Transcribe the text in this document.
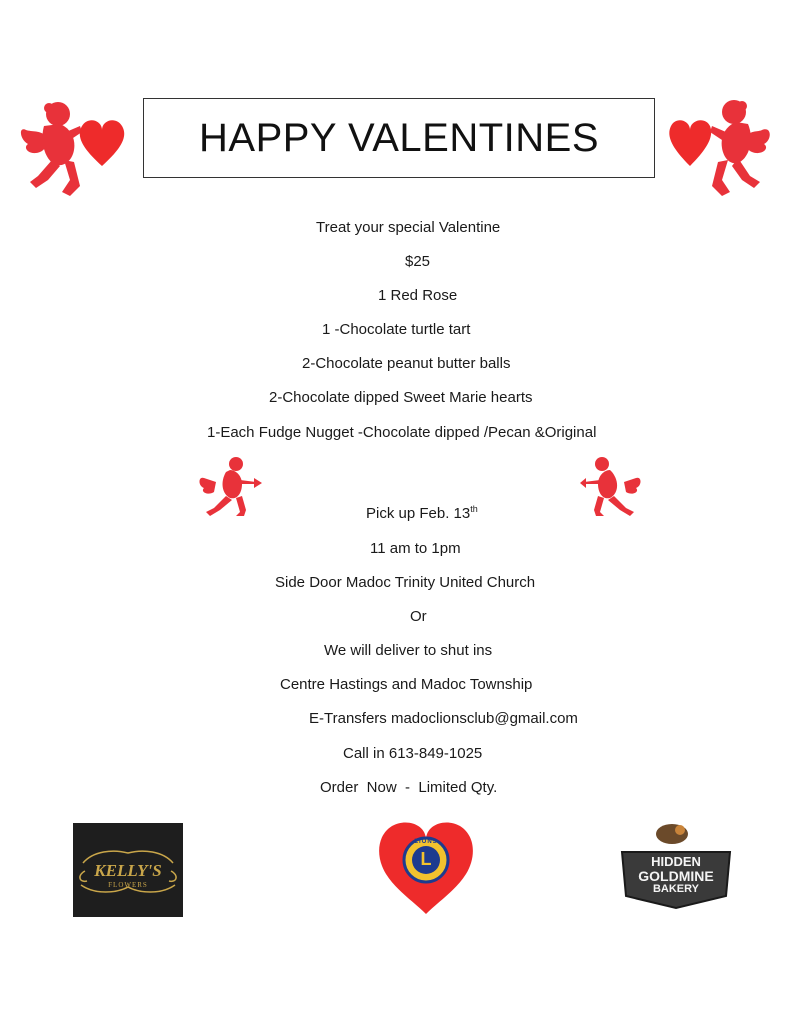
HAPPY VALENTINES
Treat your special Valentine
$25
1 Red Rose
1 -Chocolate turtle tart
2-Chocolate peanut butter balls
2-Chocolate dipped Sweet Marie hearts
1-Each Fudge Nugget -Chocolate dipped /Pecan &Original
Pick up Feb. 13th
11 am to 1pm
Side Door Madoc Trinity United Church
Or
We will deliver to shut ins
Centre Hastings and Madoc Township
E-Transfers madoclionsclub@gmail.com
Call in 613-849-1025
Order  Now  -  Limited Qty.
KELLY'S
FLOWERS
L
LIONS
HIDDEN
GOLDMINE
BAKERY
